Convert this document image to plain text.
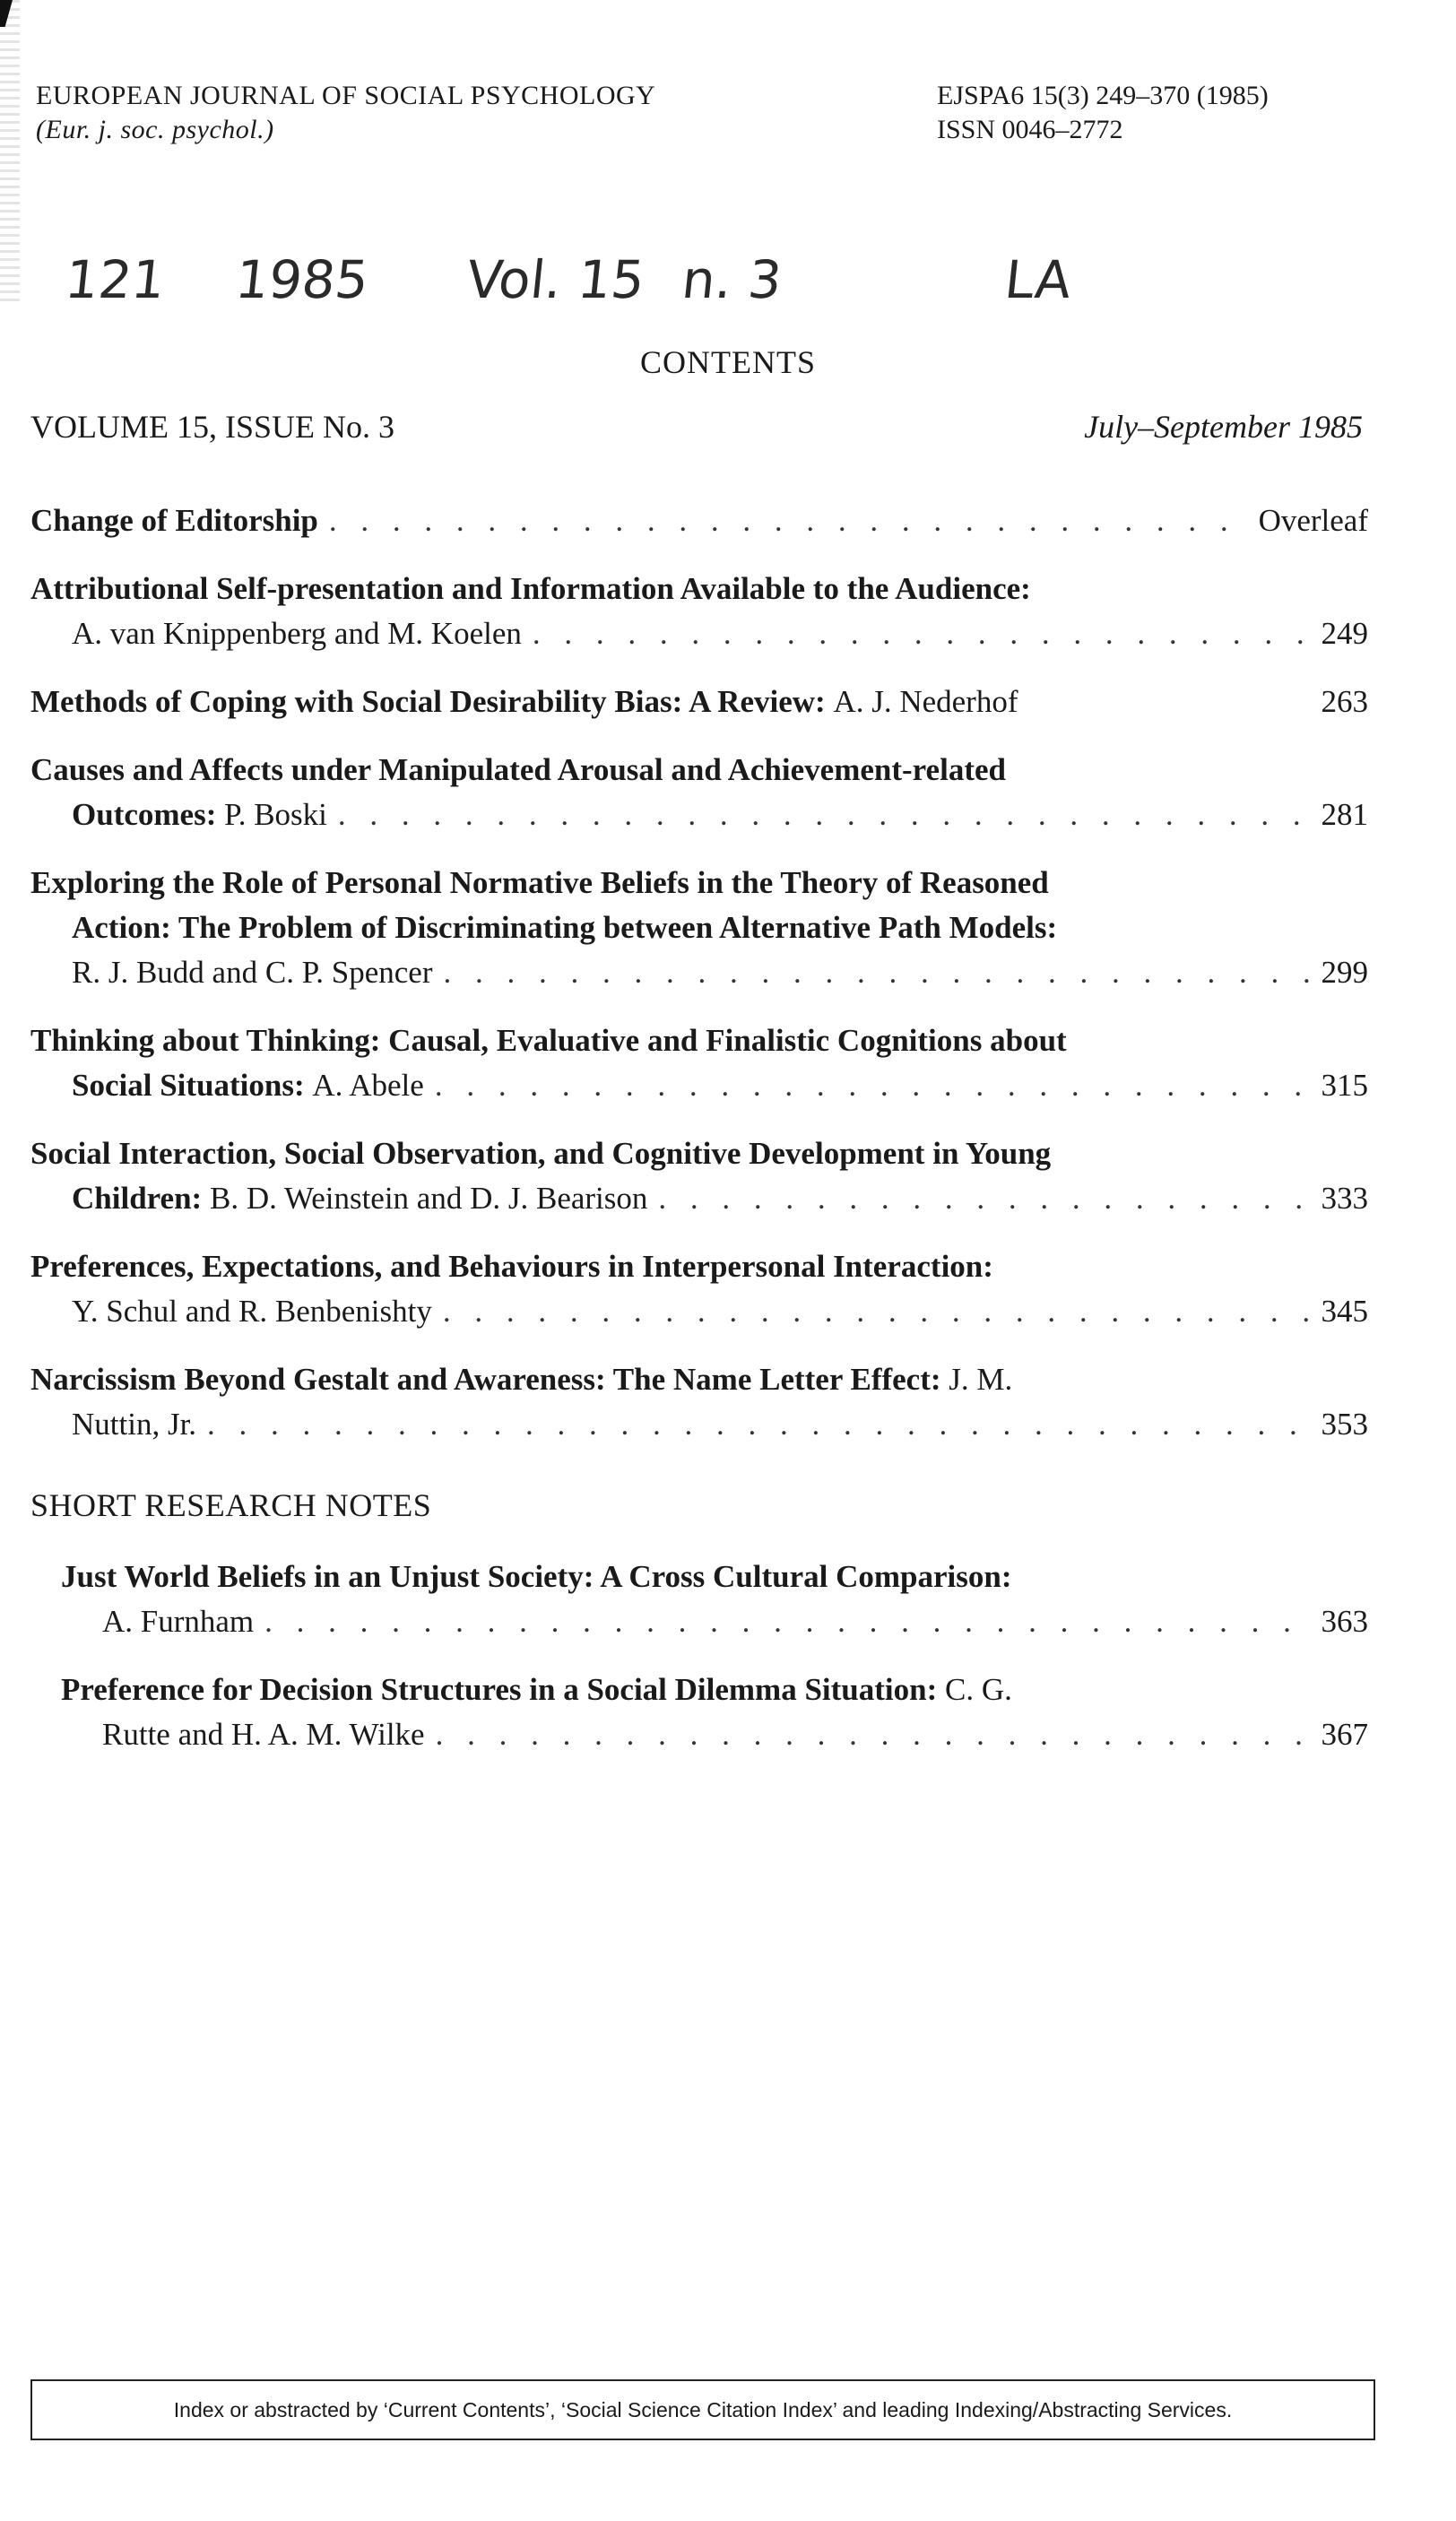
EUROPEAN JOURNAL OF SOCIAL PSYCHOLOGY
(Eur. j. soc. psychol.)
EJSPA6 15(3) 249–370 (1985)
ISSN 0046–2772
121 1985 Vol. 15 n. 3	LA
CONTENTS
VOLUME 15, ISSUE No. 3	July–September 1985
Change of Editorship . . .	Overleaf
Attributional Self-presentation and Information Available to the Audience:
A. van Knippenberg and M. Koelen . . .	249
Methods of Coping with Social Desirability Bias: A Review:
A. J. Nederhof	263
Causes and Affects under Manipulated Arousal and Achievement-related
Outcomes:
P. Boski . . .	281
Exploring the Role of Personal Normative Beliefs in the Theory of Reasoned
Action: The Problem of Discriminating between Alternative Path Models:
R. J. Budd and C. P. Spencer . . .	299
Thinking about Thinking: Causal, Evaluative and Finalistic Cognitions about
Social Situations:
A. Abele . . .	315
Social Interaction, Social Observation, and Cognitive Development in Young
Children:
B. D. Weinstein and D. J. Bearison . . .	333
Preferences, Expectations, and Behaviours in Interpersonal Interaction:
Y. Schul and R. Benbenishty . . .	345
Narcissism Beyond Gestalt and Awareness: The Name Letter Effect:
J. M.
Nuttin, Jr. . . .	353
SHORT RESEARCH NOTES
Just World Beliefs in an Unjust Society: A Cross Cultural Comparison:
A. Furnham . . .	363
Preference for Decision Structures in a Social Dilemma Situation:
C. G.
Rutte and H. A. M. Wilke . . .	367
Index or abstracted by ‘Current Contents’, ‘Social Science Citation Index’ and leading Indexing/Abstracting Services.
